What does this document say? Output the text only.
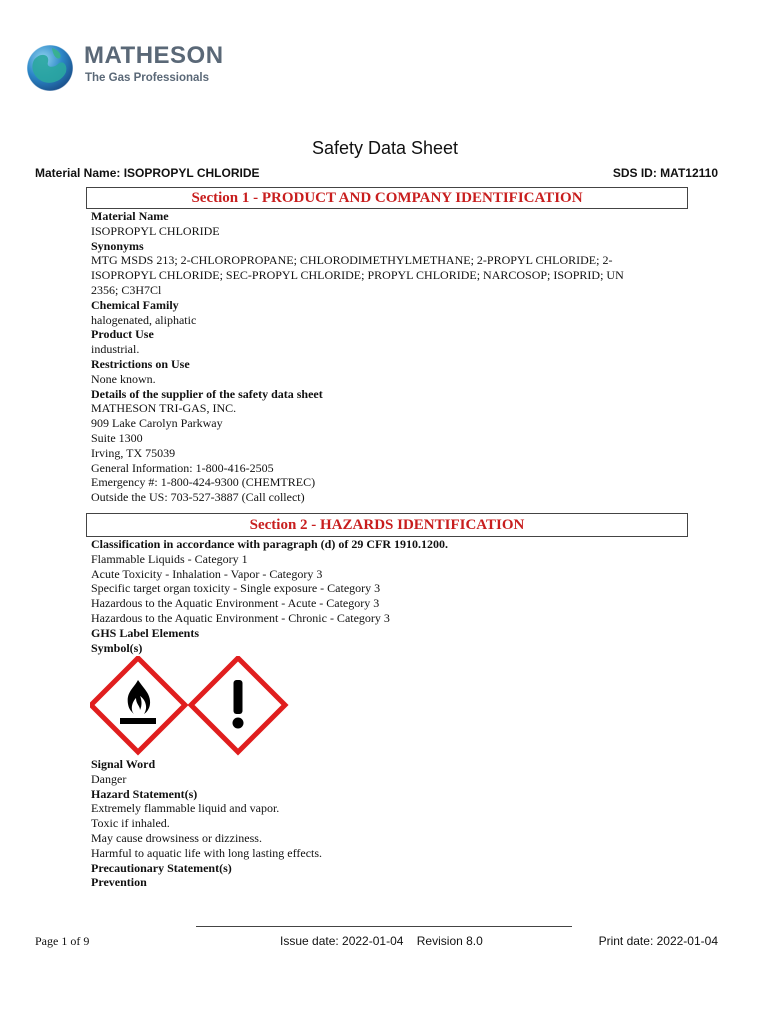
MATHESON
The Gas Professionals
Safety Data Sheet
Material Name: ISOPROPYL CHLORIDE	SDS ID: MAT12110
Section 1 - PRODUCT AND COMPANY IDENTIFICATION
Material Name
ISOPROPYL CHLORIDE
Synonyms
MTG MSDS 213; 2-CHLOROPROPANE; CHLORODIMETHYLMETHANE; 2-PROPYL CHLORIDE; 2-
ISOPROPYL CHLORIDE; SEC-PROPYL CHLORIDE; PROPYL CHLORIDE; NARCOSOP; ISOPRID; UN
2356; C3H7Cl
Chemical Family
halogenated, aliphatic
Product Use
industrial.
Restrictions on Use
None known.
Details of the supplier of the safety data sheet
MATHESON TRI-GAS, INC.
909 Lake Carolyn Parkway
Suite 1300
Irving, TX 75039
General Information: 1-800-416-2505
Emergency #: 1-800-424-9300 (CHEMTREC)
Outside the US: 703-527-3887 (Call collect)
Section 2 - HAZARDS IDENTIFICATION
Classification in accordance with paragraph (d) of 29 CFR 1910.1200.
Flammable Liquids - Category 1
Acute Toxicity - Inhalation - Vapor - Category 3
Specific target organ toxicity - Single exposure - Category 3
Hazardous to the Aquatic Environment - Acute - Category 3
Hazardous to the Aquatic Environment - Chronic - Category 3
GHS Label Elements
Symbol(s)
Signal Word
Danger
Hazard Statement(s)
Extremely flammable liquid and vapor.
Toxic if inhaled.
May cause drowsiness or dizziness.
Harmful to aquatic life with long lasting effects.
Precautionary Statement(s)
Prevention
Page 1 of 9	Issue date: 2022-01-04 Revision 8.0	Print date: 2022-01-04
